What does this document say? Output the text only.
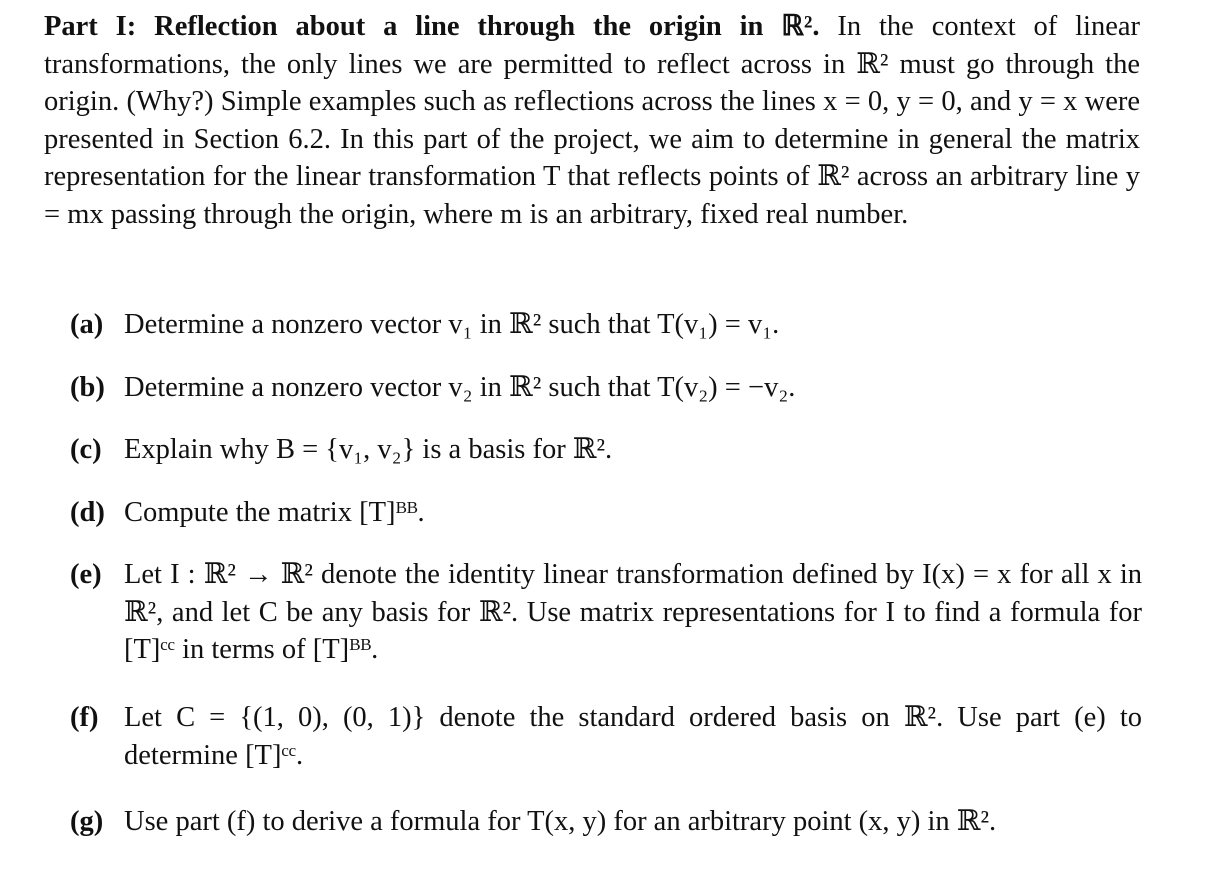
Part I: Reflection about a line through the origin in ℝ². In the context of linear transformations, the only lines we are permitted to reflect across in ℝ² must go through the origin. (Why?) Simple examples such as reflections across the lines x = 0, y = 0, and y = x were presented in Section 6.2. In this part of the project, we aim to determine in general the matrix representation for the linear transformation T that reflects points of ℝ² across an arbitrary line y = mx passing through the origin, where m is an arbitrary, fixed real number.

(a) Determine a nonzero vector v₁ in ℝ² such that T(v₁) = v₁.
(b) Determine a nonzero vector v₂ in ℝ² such that T(v₂) = −v₂.
(c) Explain why B = {v₁, v₂} is a basis for ℝ².
(d) Compute the matrix [T]ᴮᴮ.
(e) Let I : ℝ² → ℝ² denote the identity linear transformation defined by I(x) = x for all x in ℝ², and let C be any basis for ℝ². Use matrix representations for I to find a formula for [T]ᶜᶜ in terms of [T]ᴮᴮ.
(f) Let C = {(1, 0), (0, 1)} denote the standard ordered basis on ℝ². Use part (e) to determine [T]ᶜᶜ.
(g) Use part (f) to derive a formula for T(x, y) for an arbitrary point (x, y) in ℝ².
